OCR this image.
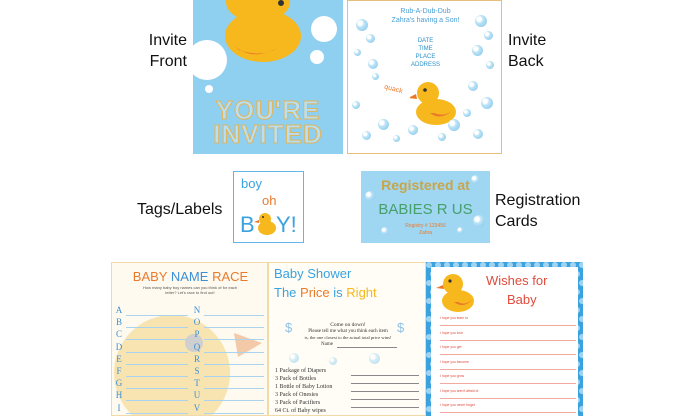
Invite
Front
Invite
Back
Tags/Labels
Registration
Cards
YOU'RE
INVITED
Rub-A-Dub-Dub
Zahra's having a Son!
DATE
TIME
PLACE
ADDRESS
quack
boy
oh
B Y!
Registered at
BABIES R US
Registry # 123456
Zahra
BABY NAME RACE
How many baby boy names can you think of for each letter? Let's race to find out!
A
B
C
D
E
F
G
H
I
N
O
P
Q
R
S
T
U
V
Baby Shower
The Price is Right
$	$
Come on down!
Please tell me what you think each item
is, the one closest to the actual total price wins!
Name
1 Package of Diapers
3 Pack of Bottles
1 Bottle of Baby Lotion
3 Pack of Onesies
3 Pack of Pacifiers
64 Ct. of Baby wipes
Wishes for
Baby
I hope you learn to
I hope you love
I hope you get
I hope you become
I hope you grow
I hope you aren't afraid of
I hope you never forget
